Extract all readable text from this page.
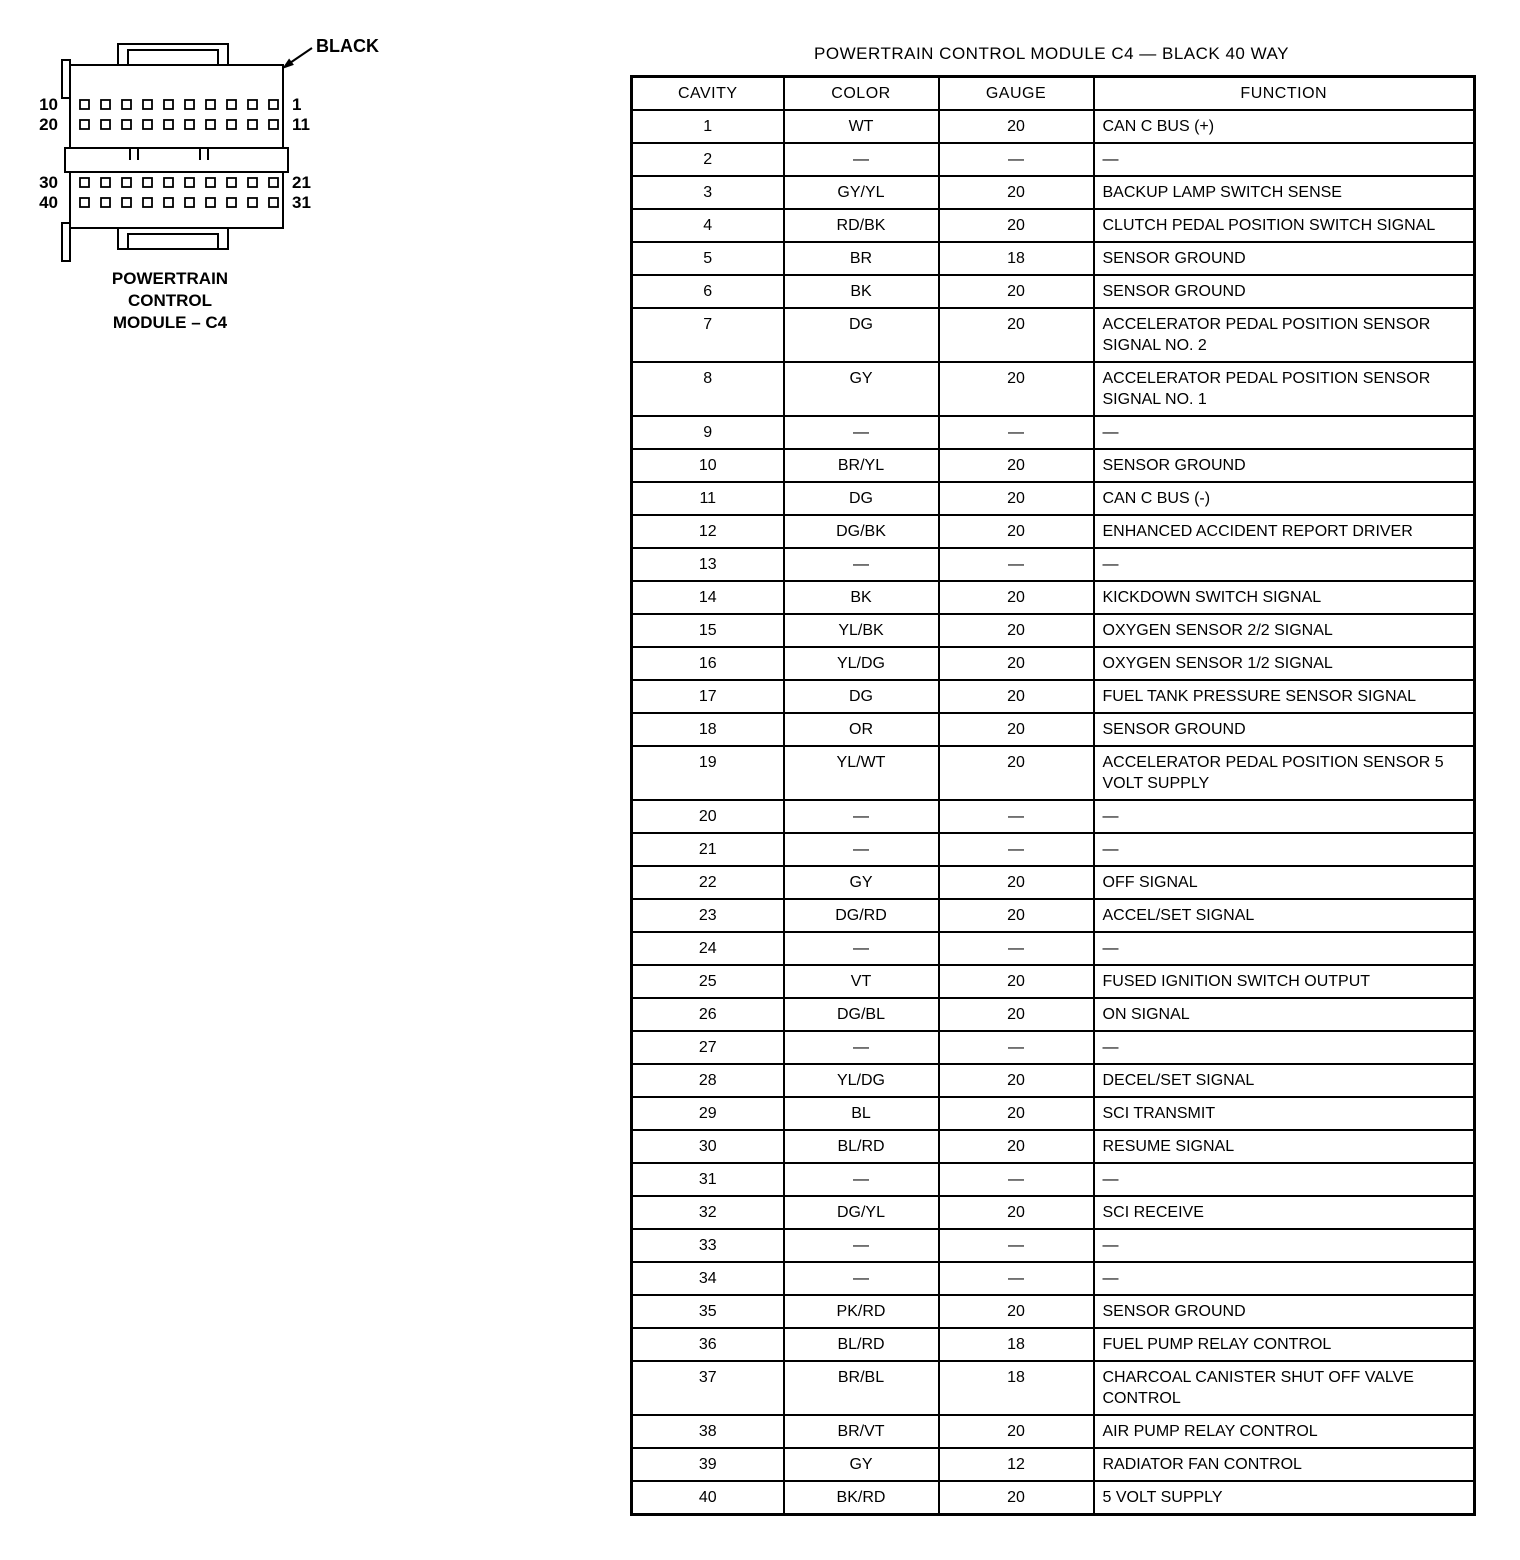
BLACK
10
20
1
11
30
40
21
31
POWERTRAIN
CONTROL
MODULE – C4
POWERTRAIN CONTROL MODULE C4 — BLACK 40 WAY
CAVITY	COLOR	GAUGE	FUNCTION
1	WT	20	CAN C BUS (+)
2	—	—	—
3	GY/YL	20	BACKUP LAMP SWITCH SENSE
4	RD/BK	20	CLUTCH PEDAL POSITION SWITCH SIGNAL
5	BR	18	SENSOR GROUND
6	BK	20	SENSOR GROUND
7	DG	20	ACCELERATOR PEDAL POSITION SENSOR SIGNAL NO. 2
8	GY	20	ACCELERATOR PEDAL POSITION SENSOR SIGNAL NO. 1
9	—	—	—
10	BR/YL	20	SENSOR GROUND
11	DG	20	CAN C BUS (-)
12	DG/BK	20	ENHANCED ACCIDENT REPORT DRIVER
13	—	—	—
14	BK	20	KICKDOWN SWITCH SIGNAL
15	YL/BK	20	OXYGEN SENSOR 2/2 SIGNAL
16	YL/DG	20	OXYGEN SENSOR 1/2 SIGNAL
17	DG	20	FUEL TANK PRESSURE SENSOR SIGNAL
18	OR	20	SENSOR GROUND
19	YL/WT	20	ACCELERATOR PEDAL POSITION SENSOR 5 VOLT SUPPLY
20	—	—	—
21	—	—	—
22	GY	20	OFF SIGNAL
23	DG/RD	20	ACCEL/SET SIGNAL
24	—	—	—
25	VT	20	FUSED IGNITION SWITCH OUTPUT
26	DG/BL	20	ON SIGNAL
27	—	—	—
28	YL/DG	20	DECEL/SET SIGNAL
29	BL	20	SCI TRANSMIT
30	BL/RD	20	RESUME SIGNAL
31	—	—	—
32	DG/YL	20	SCI RECEIVE
33	—	—	—
34	—	—	—
35	PK/RD	20	SENSOR GROUND
36	BL/RD	18	FUEL PUMP RELAY CONTROL
37	BR/BL	18	CHARCOAL CANISTER SHUT OFF VALVE CONTROL
38	BR/VT	20	AIR PUMP RELAY CONTROL
39	GY	12	RADIATOR FAN CONTROL
40	BK/RD	20	5 VOLT SUPPLY
